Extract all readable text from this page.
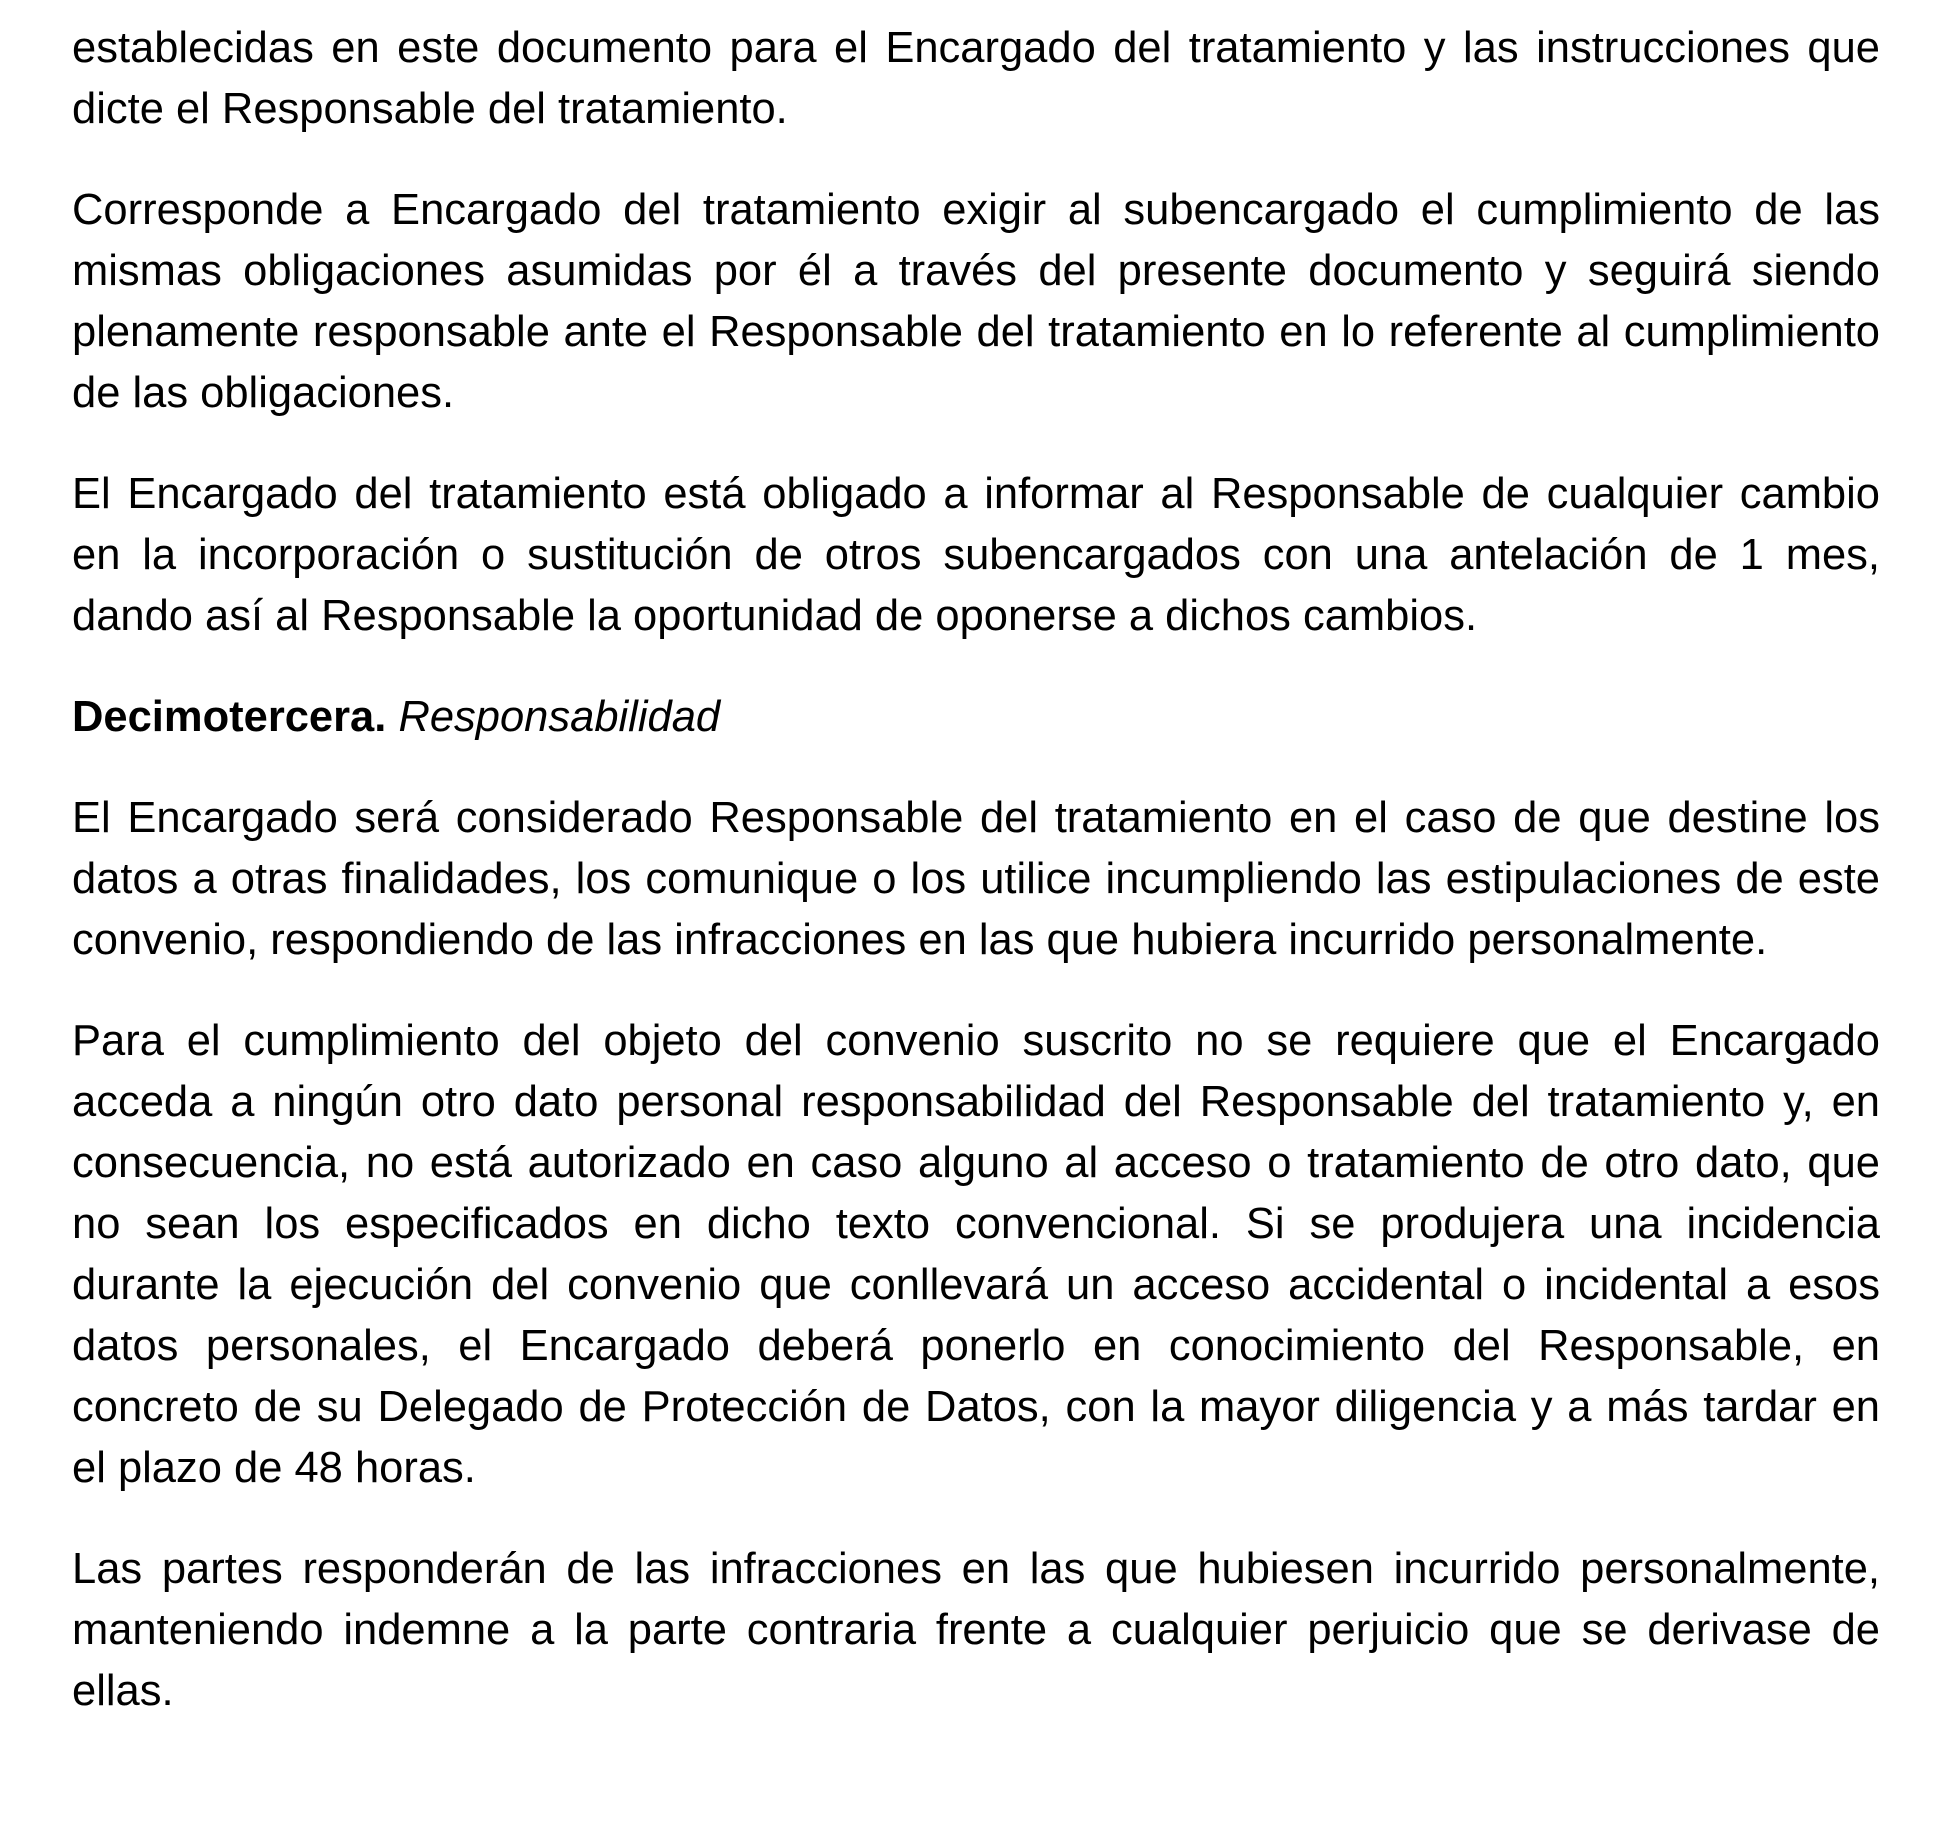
establecidas en este documento para el Encargado del tratamiento y las instrucciones que dicte el Responsable del tratamiento.

Corresponde a Encargado del tratamiento exigir al subencargado el cumplimiento de las mismas obligaciones asumidas por él a través del presente documento y seguirá siendo plenamente responsable ante el Responsable del tratamiento en lo referente al cumplimiento de las obligaciones.

El Encargado del tratamiento está obligado a informar al Responsable de cualquier cambio en la incorporación o sustitución de otros subencargados con una antelación de 1 mes, dando así al Responsable la oportunidad de oponerse a dichos cambios.

Decimotercera. Responsabilidad

El Encargado será considerado Responsable del tratamiento en el caso de que destine los datos a otras finalidades, los comunique o los utilice incumpliendo las estipulaciones de este convenio, respondiendo de las infracciones en las que hubiera incurrido personalmente.

Para el cumplimiento del objeto del convenio suscrito no se requiere que el Encargado acceda a ningún otro dato personal responsabilidad del Responsable del tratamiento y, en consecuencia, no está autorizado en caso alguno al acceso o tratamiento de otro dato, que no sean los especificados en dicho texto convencional. Si se produjera una incidencia durante la ejecución del convenio que conllevará un acceso accidental o incidental a esos datos personales, el Encargado deberá ponerlo en conocimiento del Responsable, en concreto de su Delegado de Protección de Datos, con la mayor diligencia y a más tardar en el plazo de 48 horas.

Las partes responderán de las infracciones en las que hubiesen incurrido personalmente, manteniendo indemne a la parte contraria frente a cualquier perjuicio que se derivase de ellas.
